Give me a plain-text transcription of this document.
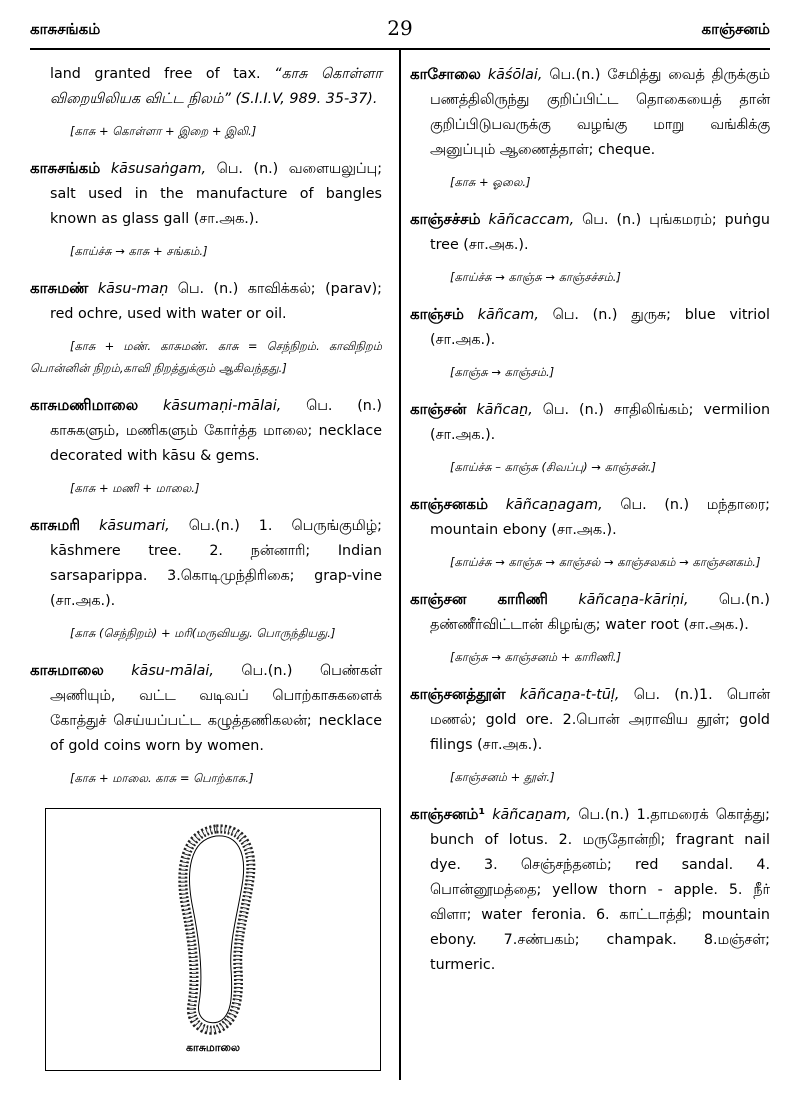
காசுசங்கம்	29	காஞ்சனம்

land granted free of tax. “காசு கொள்ளா விறையிலியக விட்ட நிலம்” (S.I.I.V, 989. 35-37).

[காசு + கொள்ளா + இறை + இலி.]

காசுசங்கம் kāsusaṅgam, பெ. (n.) வளையலுப்பு; salt used in the manufacture of bangles known as glass gall (சா.அக.).

[காய்ச்சு → காசு + சங்கம்.]

காசுமண் kāsu-maṇ பெ. (n.) காவிக்கல்; (parav); red ochre, used with water or oil.

[காசு + மண். காசுமண். காசு = செந்நிறம். காவிநிறம் பொன்னின் நிறம்,காவி நிறத்துக்கும் ஆகிவந்தது.]

காசுமணிமாலை kāsumaṇi-mālai, பெ. (n.) காசுகளும், மணிகளும் கோர்த்த மாலை; necklace decorated with kāsu & gems.

[காசு + மணி + மாலை.]

காசுமரி kāsumari, பெ.(n.) 1. பெருங்குமிழ்; kāshmere tree. 2. நன்னாரி; Indian sarsaparippa. 3.கொடிமுந்திரிகை; grap-vine (சா.அக.).

[காசு (செந்நிறம்) + மரி(மருவியது. பொருந்தியது.]

காசுமாலை kāsu-mālai, பெ.(n.) பெண்கள் அணியும், வட்ட வடிவப் பொற்காசுகளைக் கோத்துச் செய்யப்பட்ட கழுத்தணிகலன்; necklace of gold coins worn by women.

[காசு + மாலை. காசு = பொற்காசு.]
காசுமாலை

காசோலை kāśōlai, பெ.(n.) சேமித்து வைத் திருக்கும் பணத்திலிருந்து குறிப்பிட்ட தொகையைத் தான் குறிப்பிடுபவருக்கு வழங்கு மாறு வங்கிக்கு அனுப்பும் ஆணைத்தாள்; cheque.

[காசு + ஓலை.]

காஞ்சச்சம் kāñcaccam, பெ. (n.) புங்கமரம்; puṅgu tree (சா.அக.).

[காய்ச்சு → காஞ்சு → காஞ்சச்சம்.]

காஞ்சம் kāñcam, பெ. (n.) துருசு; blue vitriol (சா.அக.).

[காஞ்சு → காஞ்சம்.]

காஞ்சன் kāñcaṉ, பெ. (n.) சாதிலிங்கம்; vermilion (சா.அக.).

[காய்ச்சு – காஞ்சு (சிவப்பு) → காஞ்சன்.]

காஞ்சனகம் kāñcaṉagam, பெ. (n.) மந்தாரை; mountain ebony (சா.அக.).

[காய்ச்சு → காஞ்சு → காஞ்சல் → காஞ்சலகம் → காஞ்சனகம்.]

காஞ்சன காரிணி kāñcaṉa-kāriṇi, பெ.(n.) தண்ணீர்விட்டான் கிழங்கு; water root (சா.அக.).

[காஞ்சு → காஞ்சனம் + காரிணி.]

காஞ்சனத்தூள் kāñcaṉa-t-tūḷ, பெ. (n.)1. பொன் மணல்; gold ore. 2.பொன் அராவிய தூள்; gold filings (சா.அக.).

[காஞ்சனம் + தூள்.]

காஞ்சனம்¹ kāñcaṉam, பெ.(n.) 1.தாமரைக் கொத்து; bunch of lotus. 2. மருதோன்றி; fragrant nail dye. 3. செஞ்சந்தனம்; red sandal. 4. பொன்னூமத்தை; yellow thorn - apple. 5. நீர் விளா; water feronia. 6. காட்டாத்தி; mountain ebony. 7.சண்பகம்; champak. 8.மஞ்சள்; turmeric.
